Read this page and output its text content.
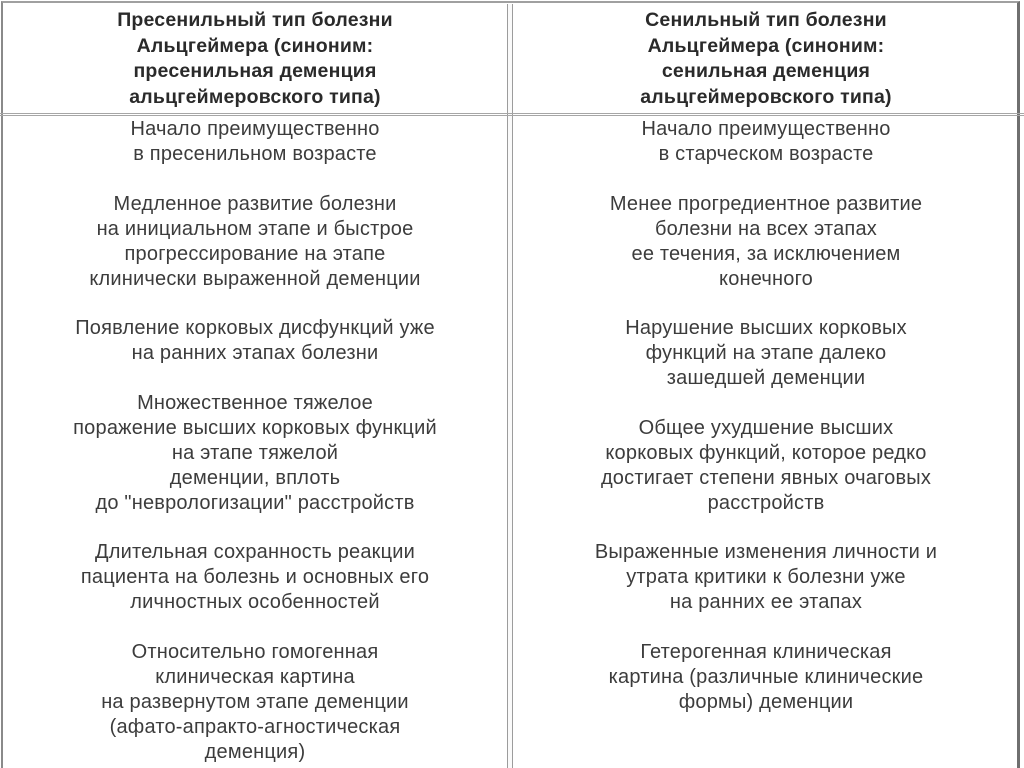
Пресенильный тип болезни
Альцгеймера (синоним:
пресенильная деменция
альцгеймеровского типа)
Начало преимущественно
в пресенильном возрасте
Медленное развитие болезни
на инициальном этапе и быстрое
прогрессирование на этапе
клинически выраженной деменции
Появление корковых дисфункций уже
на ранних этапах болезни
Множественное тяжелое
поражение высших корковых функций
на этапе тяжелой
деменции, вплоть
до "неврологизации" расстройств
Длительная сохранность реакции
пациента на болезнь и основных его
личностных особенностей
Относительно гомогенная
клиническая картина
на развернутом этапе деменции
(афато-апракто-агностическая
деменция)
Сенильный тип болезни
Альцгеймера (синоним:
сенильная деменция
альцгеймеровского типа)
Начало преимущественно
в старческом возрасте
Менее прогредиентное развитие
болезни на всех этапах
ее течения, за исключением
конечного
Нарушение высших корковых
функций на этапе далеко
зашедшей деменции
Общее ухудшение высших
корковых функций, которое редко
достигает степени явных очаговых
расстройств
Выраженные изменения личности и
утрата критики к болезни уже
на ранних ее этапах
Гетерогенная клиническая
картина (различные клинические
формы) деменции
